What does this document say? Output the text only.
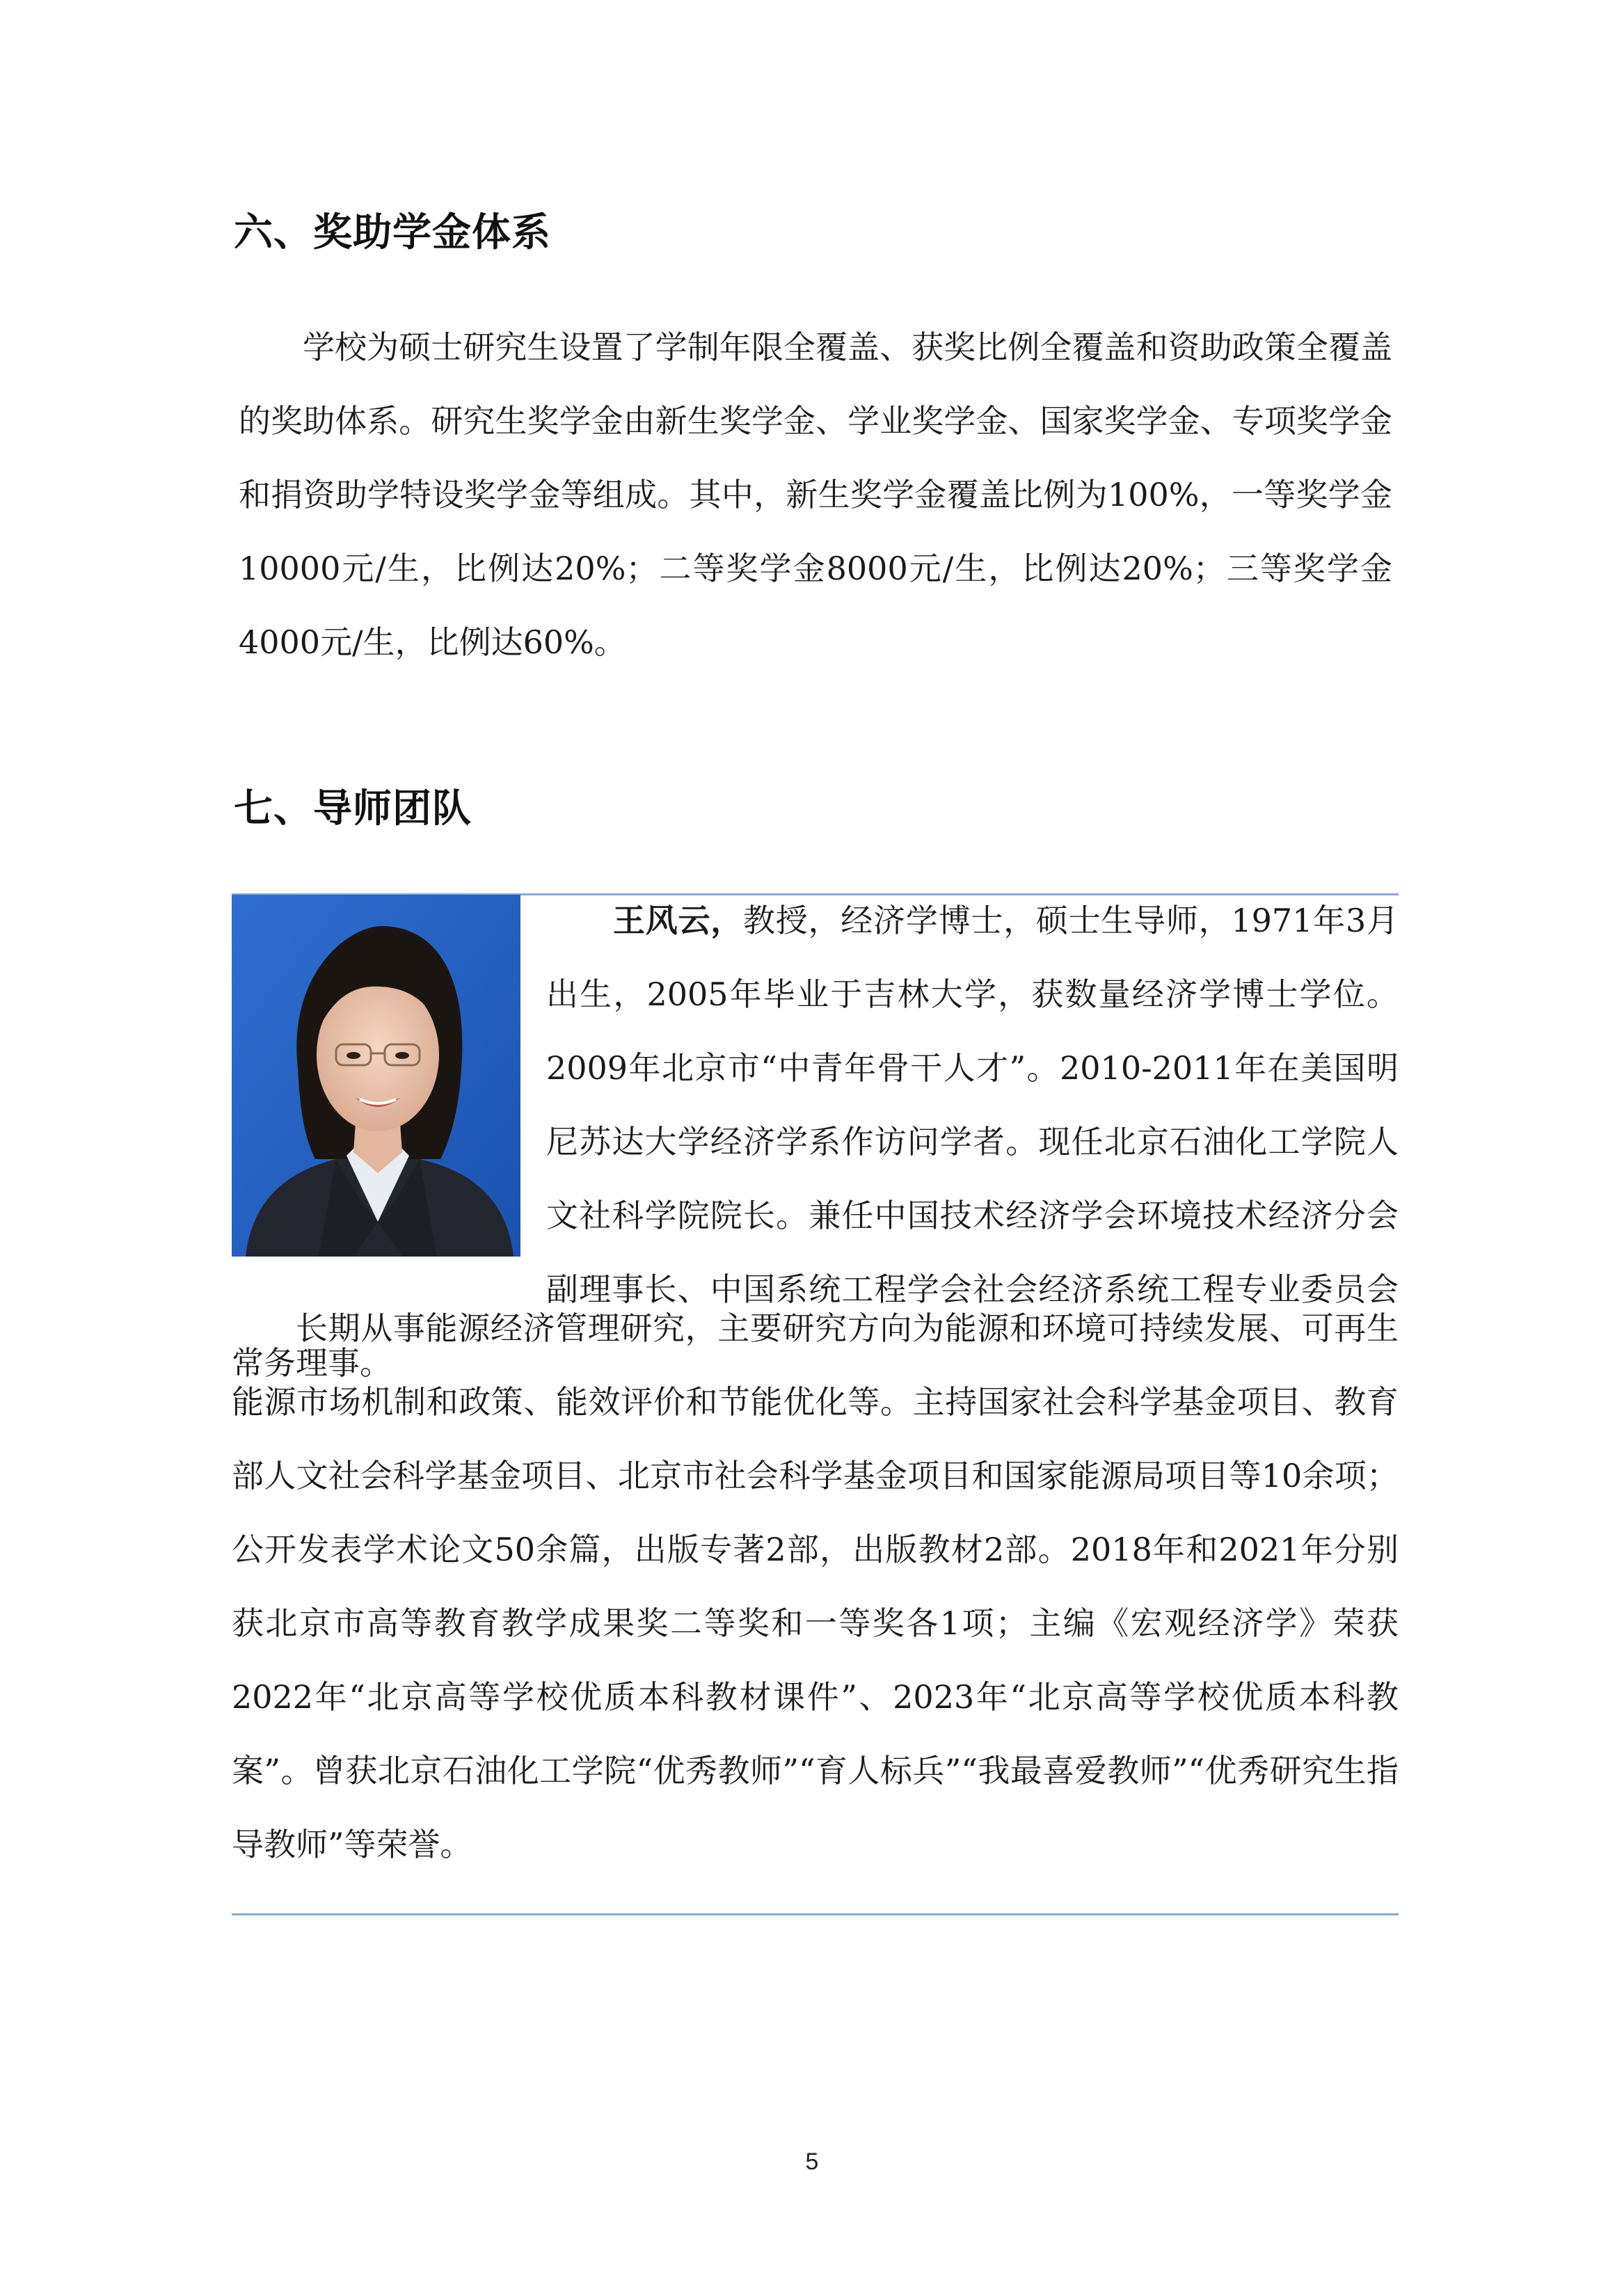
六、奖助学金体系

学校为硕士研究生设置了学制年限全覆盖、获奖比例全覆盖和资助政策全覆盖的奖助体系。研究生奖学金由新生奖学金、学业奖学金、国家奖学金、专项奖学金和捐资助学特设奖学金等组成。其中，新生奖学金覆盖比例为100%，一等奖学金10000元/生，比例达20%；二等奖学金8000元/生，比例达20%；三等奖学金4000元/生，比例达60%。

七、导师团队
王风云，教授，经济学博士，硕士生导师，1971年3月出生，2005年毕业于吉林大学，获数量经济学博士学位。2009年北京市“中青年骨干人才”。2010-2011年在美国明尼苏达大学经济学系作访问学者。现任北京石油化工学院人文社科学院院长。兼任中国技术经济学会环境技术经济分会副理事长、中国系统工程学会社会经济系统工程专业委员会常务理事。

长期从事能源经济管理研究，主要研究方向为能源和环境可持续发展、可再生能源市场机制和政策、能效评价和节能优化等。主持国家社会科学基金项目、教育部人文社会科学基金项目、北京市社会科学基金项目和国家能源局项目等10余项；公开发表学术论文50余篇，出版专著2部，出版教材2部。2018年和2021年分别获北京市高等教育教学成果奖二等奖和一等奖各1项；主编《宏观经济学》荣获2022年“北京高等学校优质本科教材课件”、2023年“北京高等学校优质本科教案”。曾获北京石油化工学院“优秀教师”“育人标兵”“我最喜爱教师”“优秀研究生指导教师”等荣誉。

5
